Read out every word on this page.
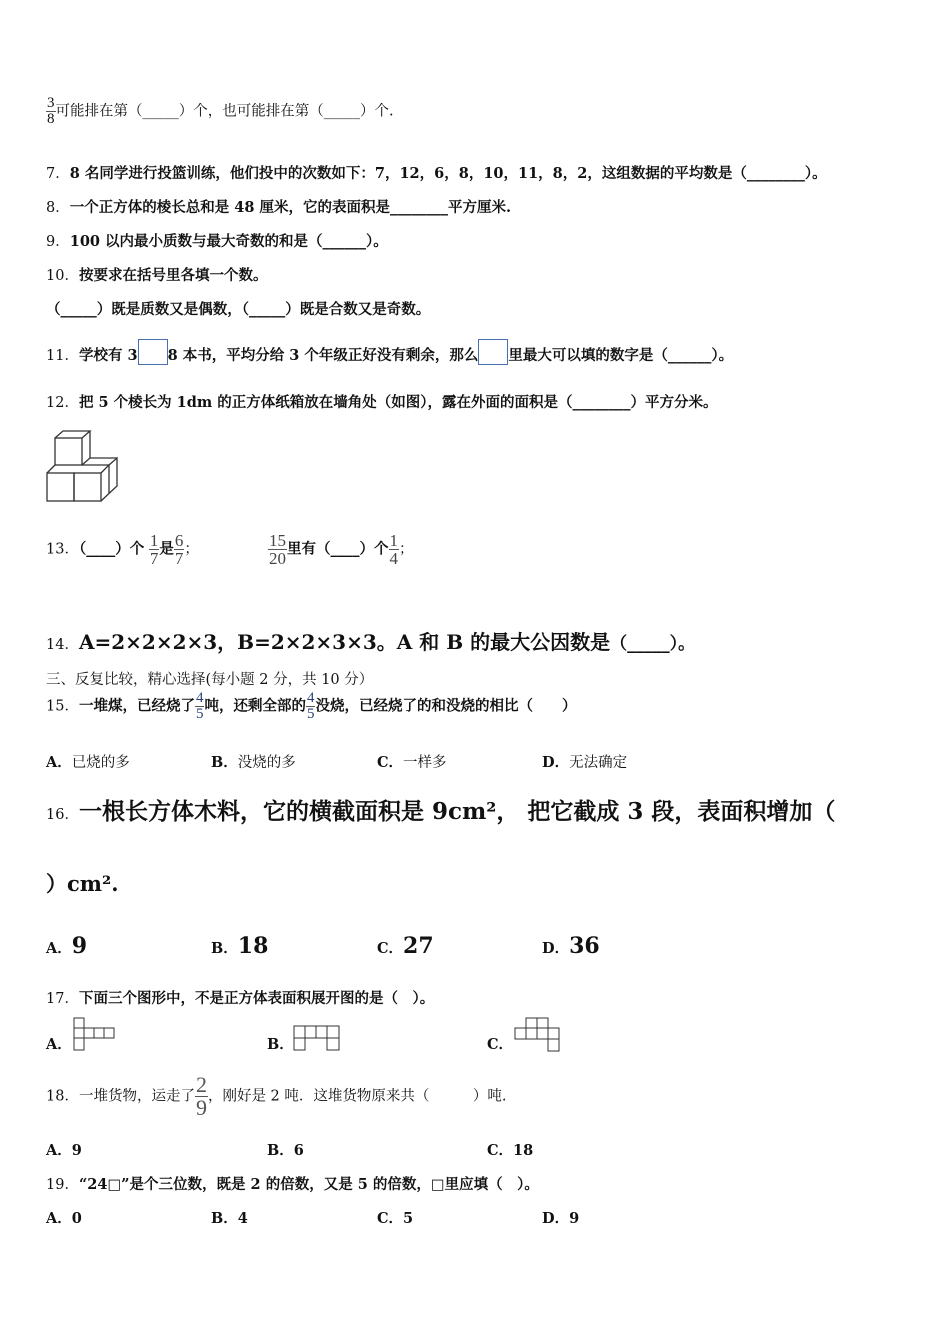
$\frac{3}{8}$ 可能排在第（_____）个，也可能排在第（_____）个.
7．8 名同学进行投篮训练，他们投中的次数如下：7，12，6，8，10，11，8，2，这组数据的平均数是（________）。
8．一个正方体的棱长总和是 48 厘米，它的表面积是________平方厘米.
9．100 以内最小质数与最大奇数的和是（______）。
10．按要求在括号里各填一个数。
（_____）既是质数又是偶数，（_____）既是合数又是奇数。
11．学校有 3 8 本书，平均分给 3 个年级正好没有剩余，那么 里最大可以填的数字是（______）。
12．把 5 个棱长为 1dm 的正方体纸箱放在墙角处（如图），露在外面的面积是（________）平方分米。
13．（____）个 $\frac{1}{7}$ 是 $\frac{6}{7}$ ；	$\frac{15}{20}$ 里有（____）个 $\frac{1}{4}$ ；
14．A=2×2×2×3，B=2×2×3×3。A 和 B 的最大公因数是（_____）。
三、反复比较，精心选择(每小题 2 分，共 10 分）
15．一堆煤，已经烧了 $\frac{4}{5}$ 吨，还剩全部的 $\frac{4}{5}$ 没烧，已经烧了的和没烧的相比（　　）
A．已烧的多	B．没烧的多	C．一样多	D．无法确定
16．一根长方体木料，它的横截面积是 9cm²， 把它截成 3 段，表面积增加（
）cm².
A．9	B．18	C．27	D．36
17．下面三个图形中，不是正方体表面积展开图的是（　）。
A．	B．	C．
18．一堆货物，运走了 $\frac{2}{9}$ ，刚好是 2 吨．这堆货物原来共（　　　）吨.
A．9	B．6	C．18
19．“24□”是个三位数，既是 2 的倍数，又是 5 的倍数，□里应填（　）。
A．0	B．4	C．5	D．9
